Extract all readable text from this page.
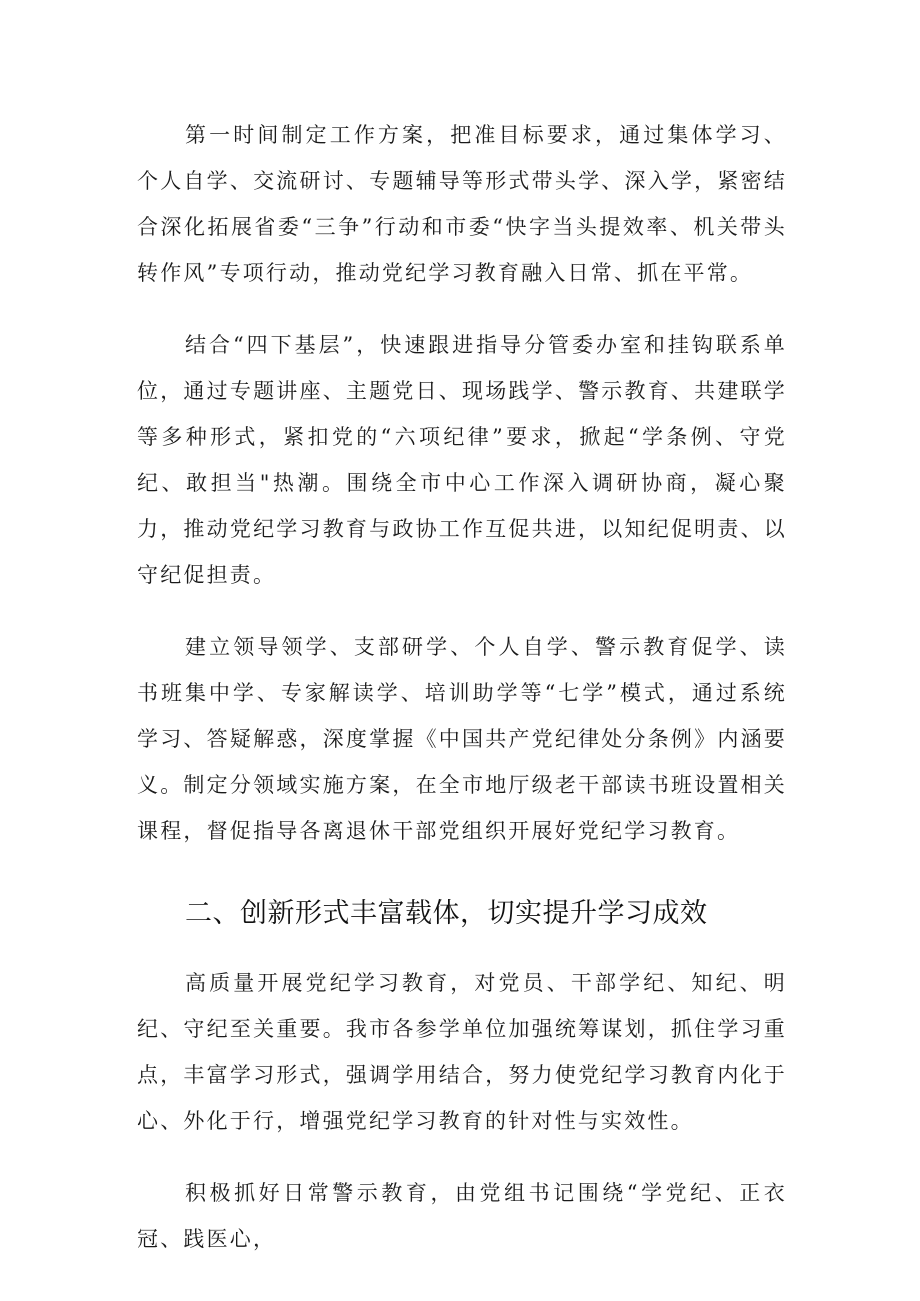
第一时间制定工作方案，把准目标要求，通过集体学习、个人自学、交流研讨、专题辅导等形式带头学、深入学，紧密结合深化拓展省委“三争”行动和市委“快字当头提效率、机关带头转作风”专项行动，推动党纪学习教育融入日常、抓在平常。

结合“四下基层”，快速跟进指导分管委办室和挂钩联系单位，通过专题讲座、主题党日、现场践学、警示教育、共建联学等多种形式，紧扣党的“六项纪律”要求，掀起“学条例、守党纪、敢担当"热潮。围绕全市中心工作深入调研协商，凝心聚力，推动党纪学习教育与政协工作互促共进，以知纪促明责、以守纪促担责。

建立领导领学、支部研学、个人自学、警示教育促学、读书班集中学、专家解读学、培训助学等“七学”模式，通过系统学习、答疑解惑，深度掌握《中国共产党纪律处分条例》内涵要义。制定分领域实施方案，在全市地厅级老干部读书班设置相关课程，督促指导各离退休干部党组织开展好党纪学习教育。

二、创新形式丰富载体，切实提升学习成效

高质量开展党纪学习教育，对党员、干部学纪、知纪、明纪、守纪至关重要。我市各参学单位加强统筹谋划，抓住学习重点，丰富学习形式，强调学用结合，努力使党纪学习教育内化于心、外化于行，增强党纪学习教育的针对性与实效性。

积极抓好日常警示教育，由党组书记围绕“学党纪、正衣冠、践医心，
